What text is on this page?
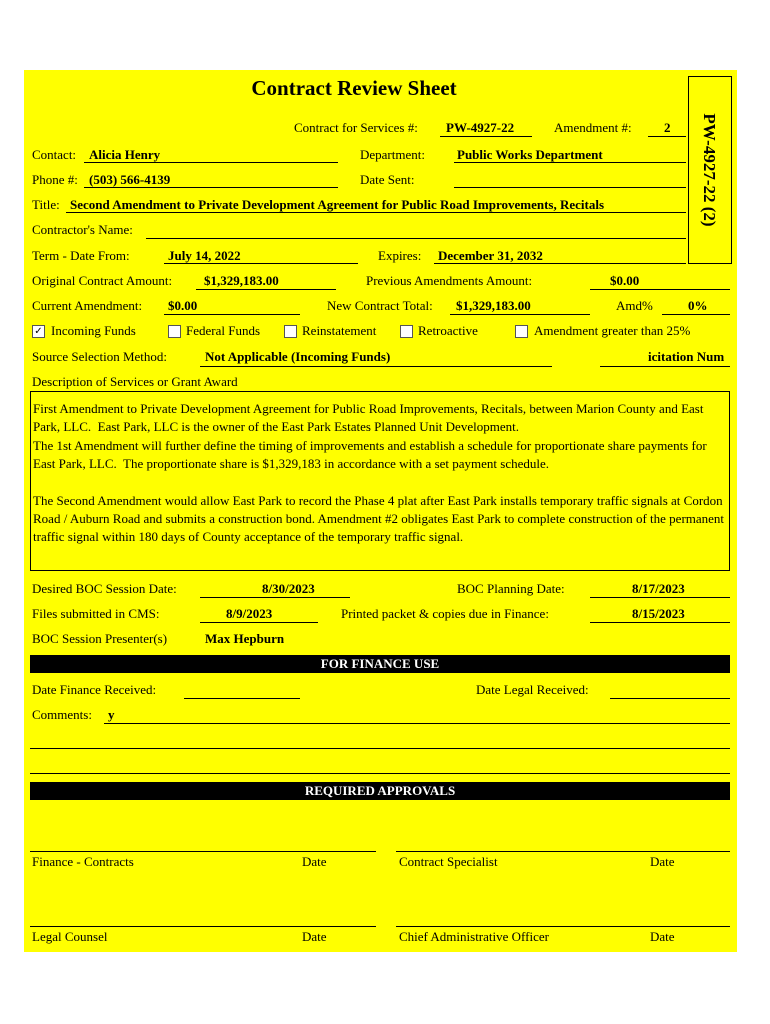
Contract Review Sheet
PW-4927-22 (2)
Contract for Services #: PW-4927-22	Amendment #: 2
Contact: Alicia Henry	Department: Public Works Department
Phone #: (503) 566-4139	Date Sent:
Title: Second Amendment to Private Development Agreement for Public Road Improvements, Recitals
Contractor's Name:
Term - Date From:	July 14, 2022	Expires: December 31, 2032
Original Contract Amount: $1,329,183.00	Previous Amendments Amount:	$0.00
Current Amendment: $0.00	New Contract Total: $1,329,183.00	Amd%	0%
✓ Incoming Funds	Federal Funds	Reinstatement	Retroactive	Amendment greater than 25%
Source Selection Method:	Not Applicable (Incoming Funds)	icitation Num
Description of Services or Grant Award

First Amendment to Private Development Agreement for Public Road Improvements, Recitals, between Marion County and East Park, LLC.  East Park, LLC is the owner of the East Park Estates Planned Unit Development.
The 1st Amendment will further define the timing of improvements and establish a schedule for proportionate share payments for East Park, LLC.  The proportionate share is $1,329,183 in accordance with a set payment schedule.

The Second Amendment would allow East Park to record the Phase 4 plat after East Park installs temporary traffic signals at Cordon Road / Auburn Road and submits a construction bond. Amendment #2 obligates East Park to complete construction of the permanent traffic signal within 180 days of County acceptance of the temporary traffic signal.

Desired BOC Session Date:	8/30/2023	BOC Planning Date:	8/17/2023
Files submitted in CMS:	8/9/2023	Printed packet & copies due in Finance:	8/15/2023
BOC Session Presenter(s)	Max Hepburn
FOR FINANCE USE
Date Finance Received:	Date Legal Received:
Comments: y
REQUIRED APPROVALS
Finance - Contracts	Date	Contract Specialist	Date
Legal Counsel	Date	Chief Administrative Officer	Date
